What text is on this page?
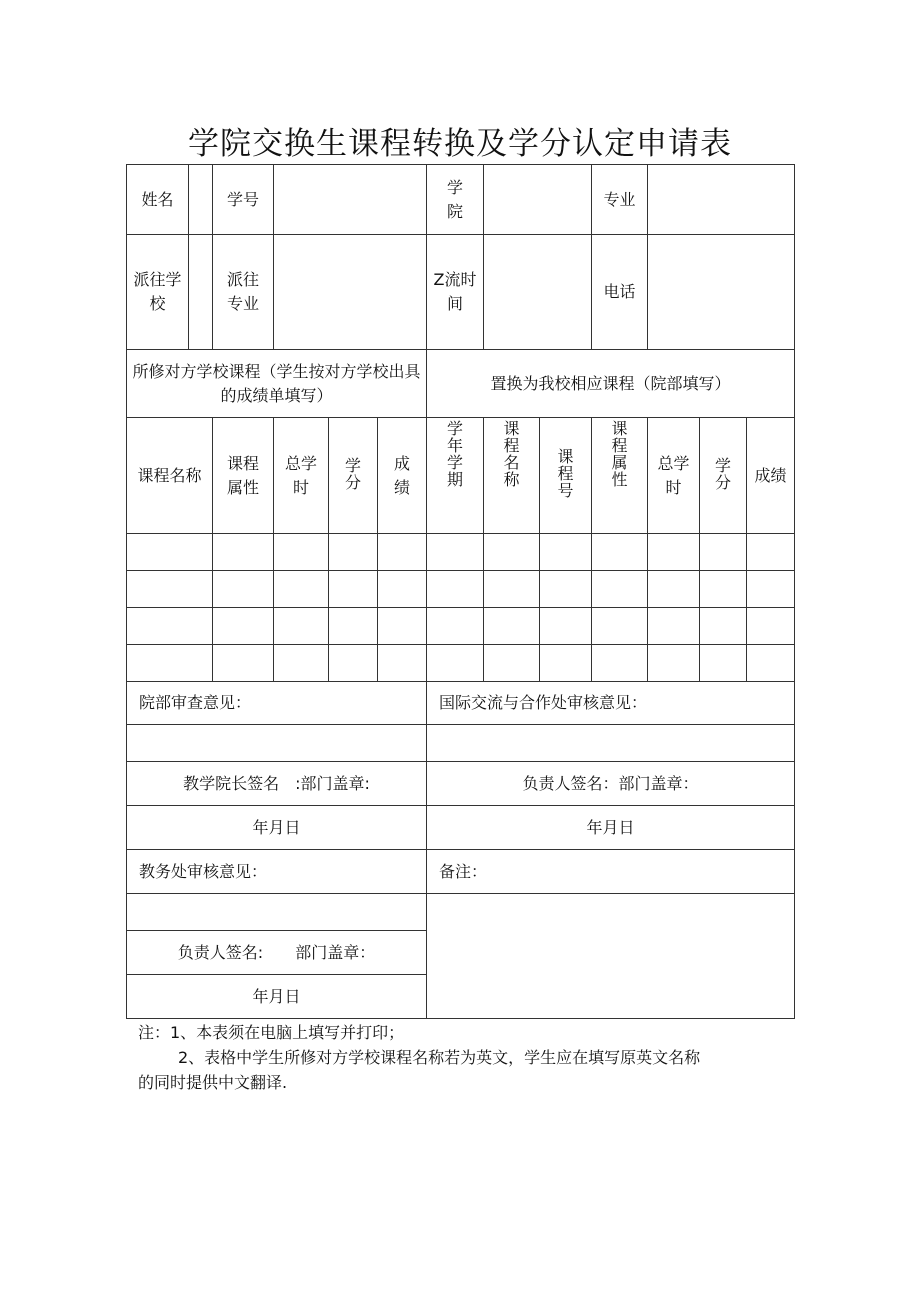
学院交换生课程转换及学分认定申请表
姓名		学号				学院			专业			
派往学校		派往专业				Z流时间			电话			
所修对方学校课程（学生按对方学校出具的成绩单填写）						置换为我校相应课程（院部填写）						
课程名称		课程属性	总学时	学分	成绩	学年学期	课程名称	课程号	课程属性	总学时	学分	成绩

院部审查意见：						国际交流与合作处审核意见：						

教学院长签名　:部门盖章:						负责人签名：部门盖章：						
年月日						年月日						
教务处审核意见：						备注：						

负责人签名:　　部门盖章：												
年月日												

注：1、本表须在电脑上填写并打印；

2、表格中学生所修对方学校课程名称若为英文，学生应在填写原英文名称

的同时提供中文翻译.
